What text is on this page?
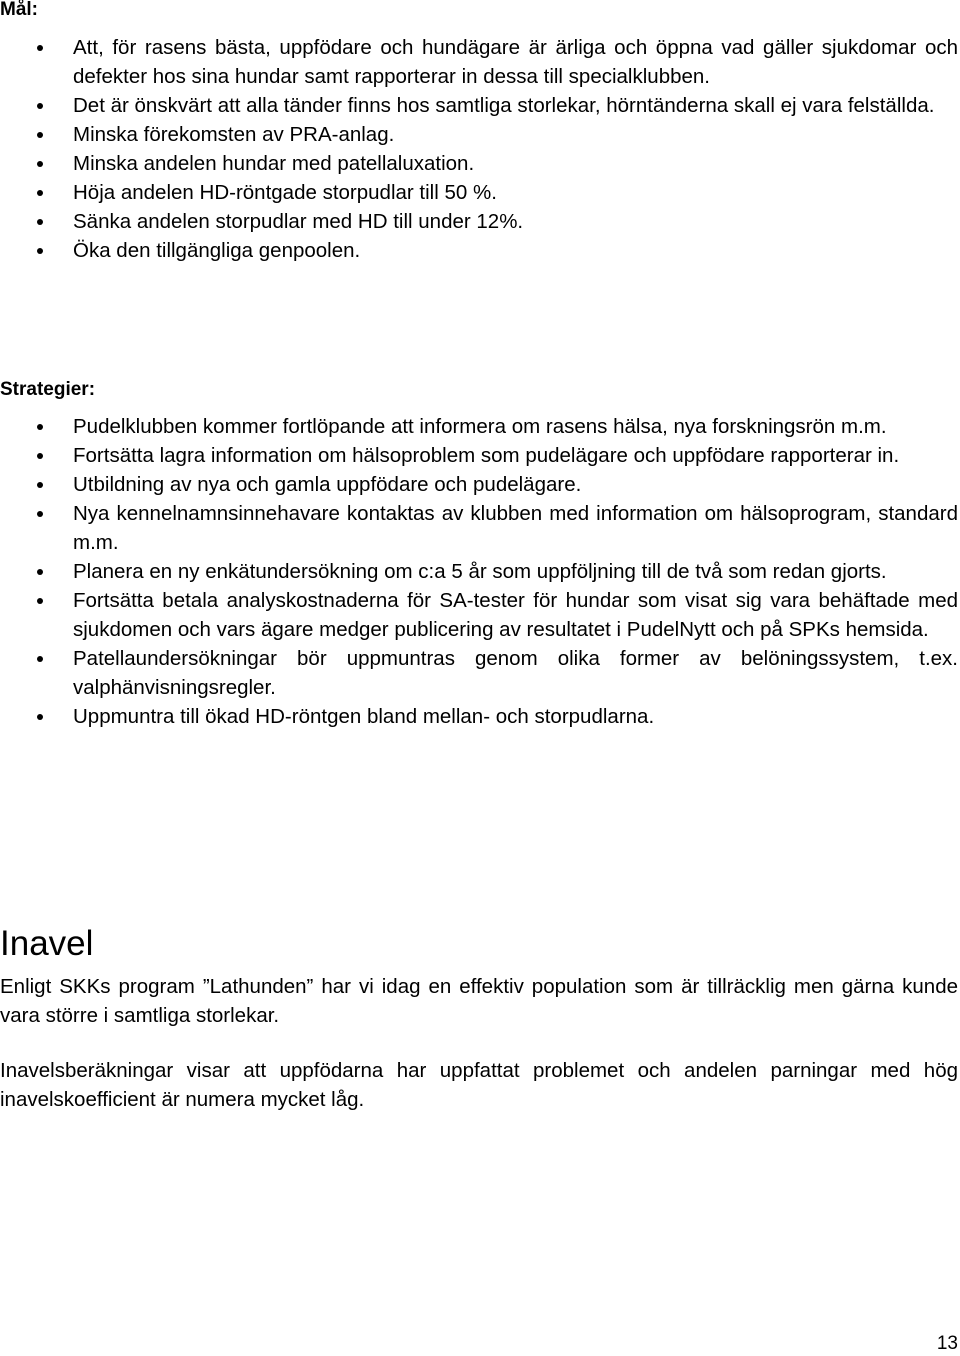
Mål:
Att, för rasens bästa, uppfödare och hundägare är ärliga och öppna vad gäller sjukdomar och defekter hos sina hundar samt rapporterar in dessa till specialklubben.
Det är önskvärt att alla tänder finns hos samtliga storlekar, hörntänderna skall ej vara felställda.
Minska förekomsten av PRA-anlag.
Minska andelen hundar med patellaluxation.
Höja andelen HD-röntgade storpudlar till 50 %.
Sänka andelen storpudlar med HD till under 12%.
Öka den tillgängliga genpoolen.
Strategier:
Pudelklubben kommer fortlöpande att informera om rasens hälsa, nya forskningsrön m.m.
Fortsätta lagra information om hälsoproblem som pudelägare och uppfödare rapporterar in.
Utbildning av nya och gamla uppfödare och pudelägare.
Nya kennelnamnsinnehavare kontaktas av klubben med information om hälsoprogram, standard m.m.
Planera en ny enkätundersökning om c:a 5 år som uppföljning till de två som redan gjorts.
Fortsätta betala analyskostnaderna för SA-tester för hundar som visat sig vara behäftade med sjukdomen och vars ägare medger publicering av resultatet i PudelNytt och på SPKs hemsida.
Patellaundersökningar bör uppmuntras genom olika former av belöningssystem, t.ex. valphänvisningsregler.
Uppmuntra till ökad HD-röntgen bland mellan- och storpudlarna.
Inavel

Enligt SKKs program ”Lathunden” har vi idag en effektiv population som är tillräcklig men gärna kunde vara större i samtliga storlekar.

Inavelsberäkningar visar att uppfödarna har uppfattat problemet och andelen parningar med hög inavelskoefficient är numera mycket låg.

13
